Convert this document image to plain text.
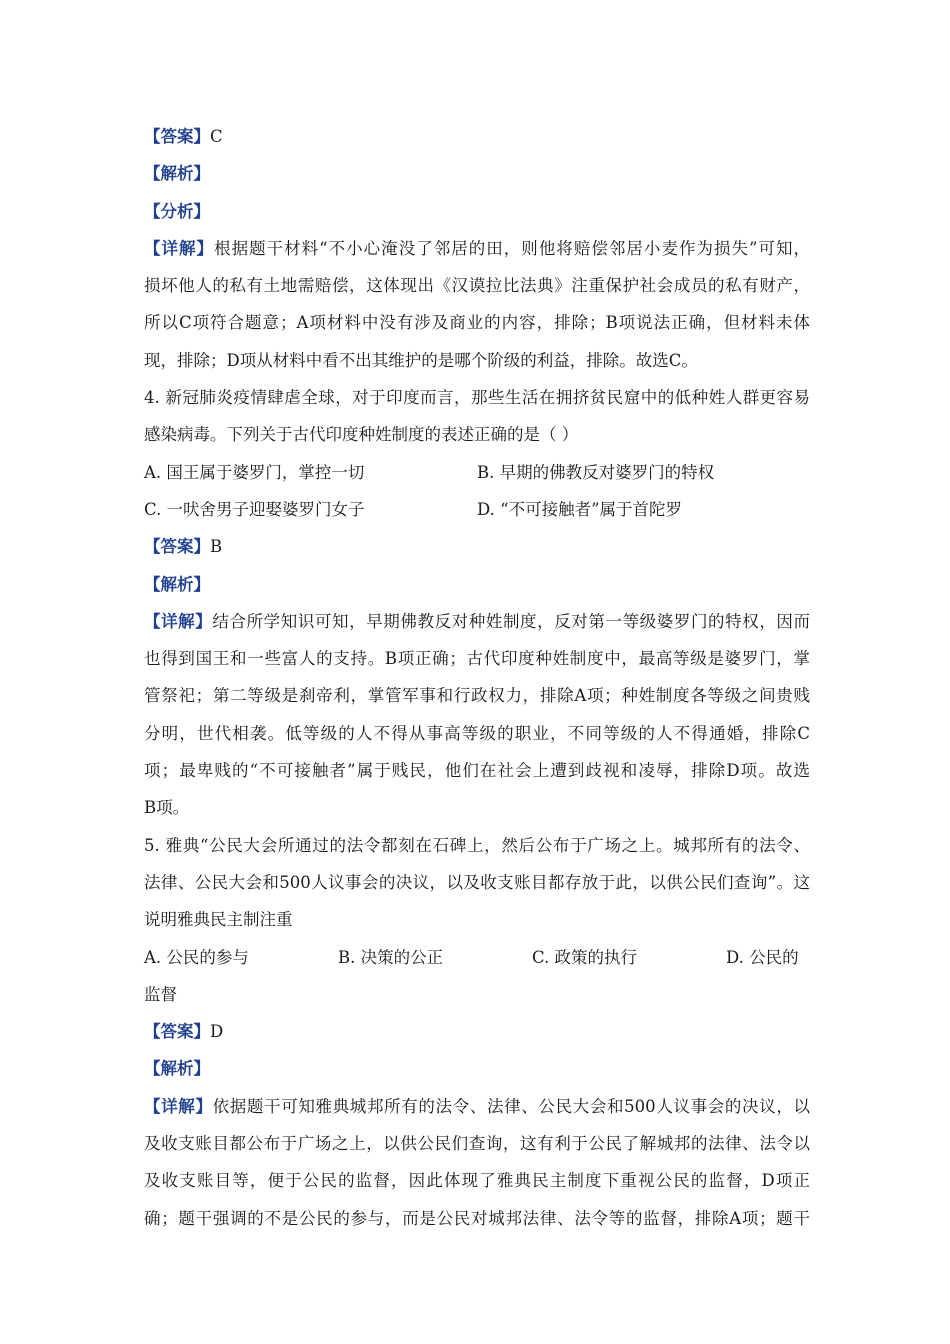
【答案】C
【解析】
【分析】
【详解】根据题干材料“不小心淹没了邻居的田，则他将赔偿邻居小麦作为损失”可知，
损坏他人的私有土地需赔偿，这体现出《汉谟拉比法典》注重保护社会成员的私有财产，
所以C项符合题意；A项材料中没有涉及商业的内容，排除；B项说法正确，但材料未体
现，排除；D项从材料中看不出其维护的是哪个阶级的利益，排除。故选C。
4. 新冠肺炎疫情肆虐全球，对于印度而言，那些生活在拥挤贫民窟中的低种姓人群更容易
感染病毒。下列关于古代印度种姓制度的表述正确的是（ ）
A. 国王属于婆罗门，掌控一切	B. 早期的佛教反对婆罗门的特权
C. 一吠舍男子迎娶婆罗门女子	D. “不可接触者”属于首陀罗
【答案】B
【解析】
【详解】结合所学知识可知，早期佛教反对种姓制度，反对第一等级婆罗门的特权，因而
也得到国王和一些富人的支持。B项正确；古代印度种姓制度中，最高等级是婆罗门，掌
管祭祀；第二等级是刹帝利，掌管军事和行政权力，排除A项；种姓制度各等级之间贵贱
分明，世代相袭。低等级的人不得从事高等级的职业，不同等级的人不得通婚，排除C
项；最卑贱的“不可接触者”属于贱民，他们在社会上遭到歧视和凌辱，排除D项。故选
B项。
5. 雅典“公民大会所通过的法令都刻在石碑上，然后公布于广场之上。城邦所有的法令、
法律、公民大会和500人议事会的决议，以及收支账目都存放于此，以供公民们查询”。这
说明雅典民主制注重
A. 公民的参与	B. 决策的公正	C. 政策的执行	D. 公民的
监督
【答案】D
【解析】
【详解】依据题干可知雅典城邦所有的法令、法律、公民大会和500人议事会的决议，以
及收支账目都公布于广场之上，以供公民们查询，这有利于公民了解城邦的法律、法令以
及收支账目等，便于公民的监督，因此体现了雅典民主制度下重视公民的监督，D项正
确；题干强调的不是公民的参与，而是公民对城邦法律、法令等的监督，排除A项；题干
